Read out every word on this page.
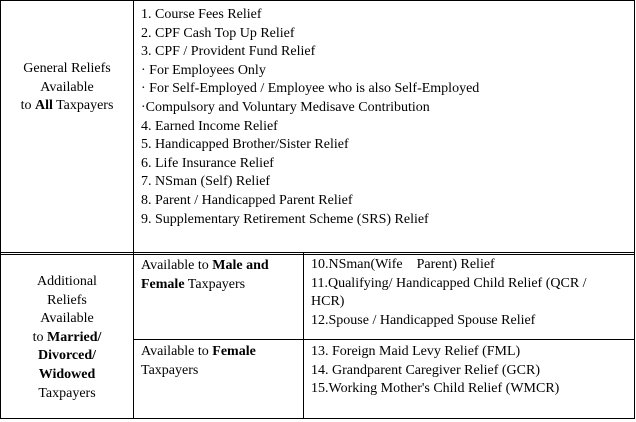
General Reliefs
Available
to All Taxpayers
1. Course Fees Relief
2. CPF Cash Top Up Relief
3. CPF / Provident Fund Relief
· For Employees Only
· For Self-Employed / Employee who is also Self-Employed
·Compulsory and Voluntary Medisave Contribution
4. Earned Income Relief
5. Handicapped Brother/Sister Relief
6. Life Insurance Relief
7. NSman (Self) Relief
8. Parent / Handicapped Parent Relief
9. Supplementary Retirement Scheme (SRS) Relief
Additional
Reliefs
Available
to Married/
Divorced/
Widowed
Taxpayers
Available to Male and
Female Taxpayers
10.NSman(Wife    Parent) Relief
11.Qualifying/ Handicapped Child Relief (QCR /
HCR)
12.Spouse / Handicapped Spouse Relief
Available to Female
Taxpayers
13. Foreign Maid Levy Relief (FML)
14. Grandparent Caregiver Relief (GCR)
15.Working Mother's Child Relief (WMCR)
